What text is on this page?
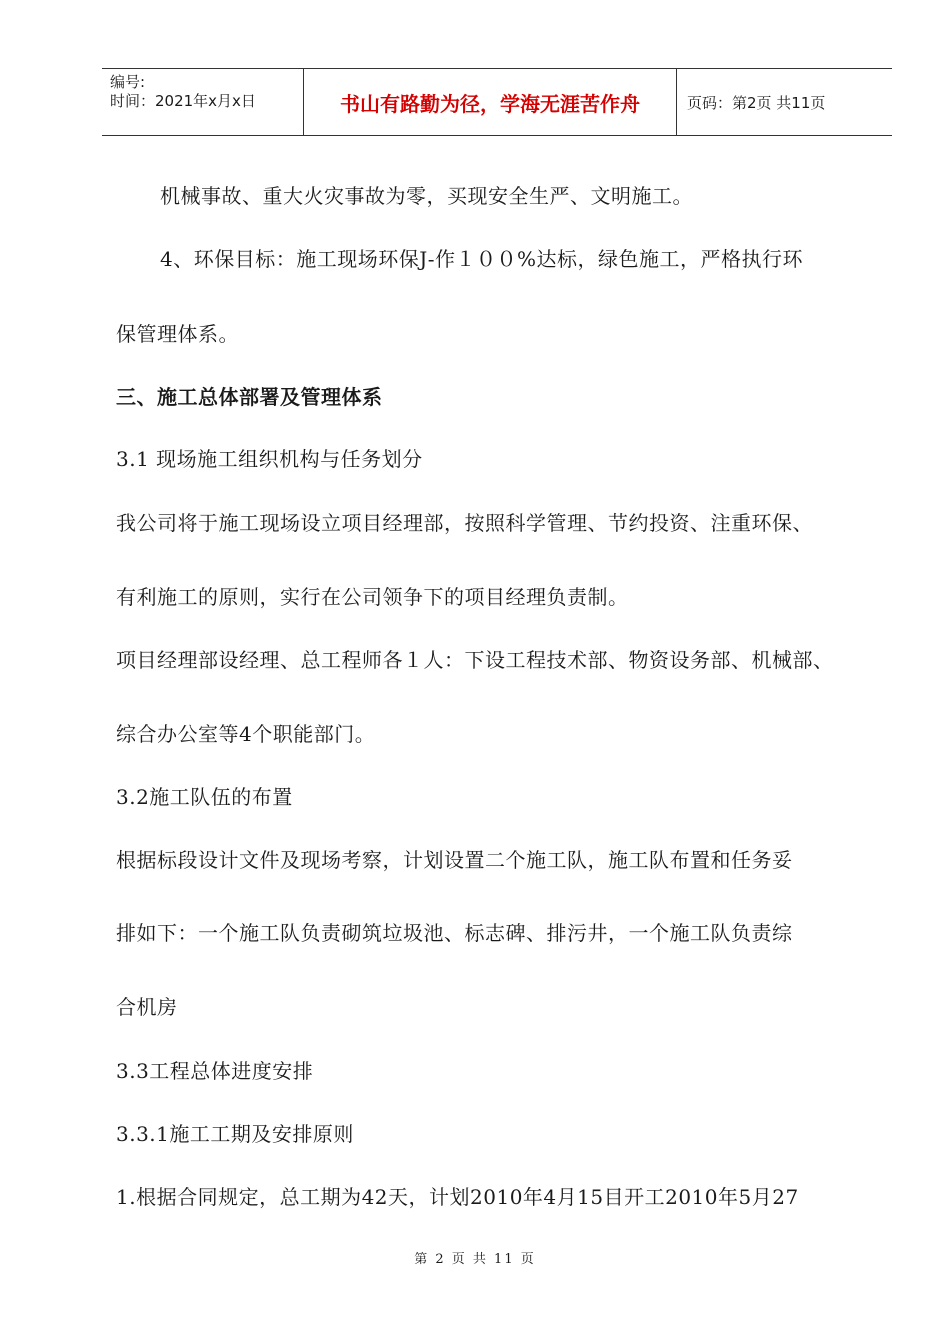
编号:
时间：2021年x月x日	书山有路勤为径，学海无涯苦作舟	页码：第2页 共11页
机械事故、重大火灾事故为零，买现安全生严、文明施工。
4、环保目标：施工现场环保J-作１００%达标，绿色施工，严格执行环
保管理体系。
三、施工总体部署及管理体系
3.1 现场施工组织机构与任务划分
我公司将于施工现场设立项目经理部，按照科学管理、节约投资、注重环保、
有利施工的原则，实行在公司领争下的项目经理负责制。
项目经理部设经理、总工程师各１人：下设工程技术部、物资设务部、机械部、
综合办公室等4个职能部门。
3.2施工队伍的布置
根据标段设计文件及现场考察，计划设置二个施工队，施工队布置和任务妥
排如下：一个施工队负责砌筑垃圾池、标志碑、排污井，一个施工队负责综
合机房
3.3工程总体进度安排
3.3.1施工工期及安排原则
1.根据合同规定，总工期为42天，计划2010年4月15目开工2010年5月27
第 2 页 共 11 页
